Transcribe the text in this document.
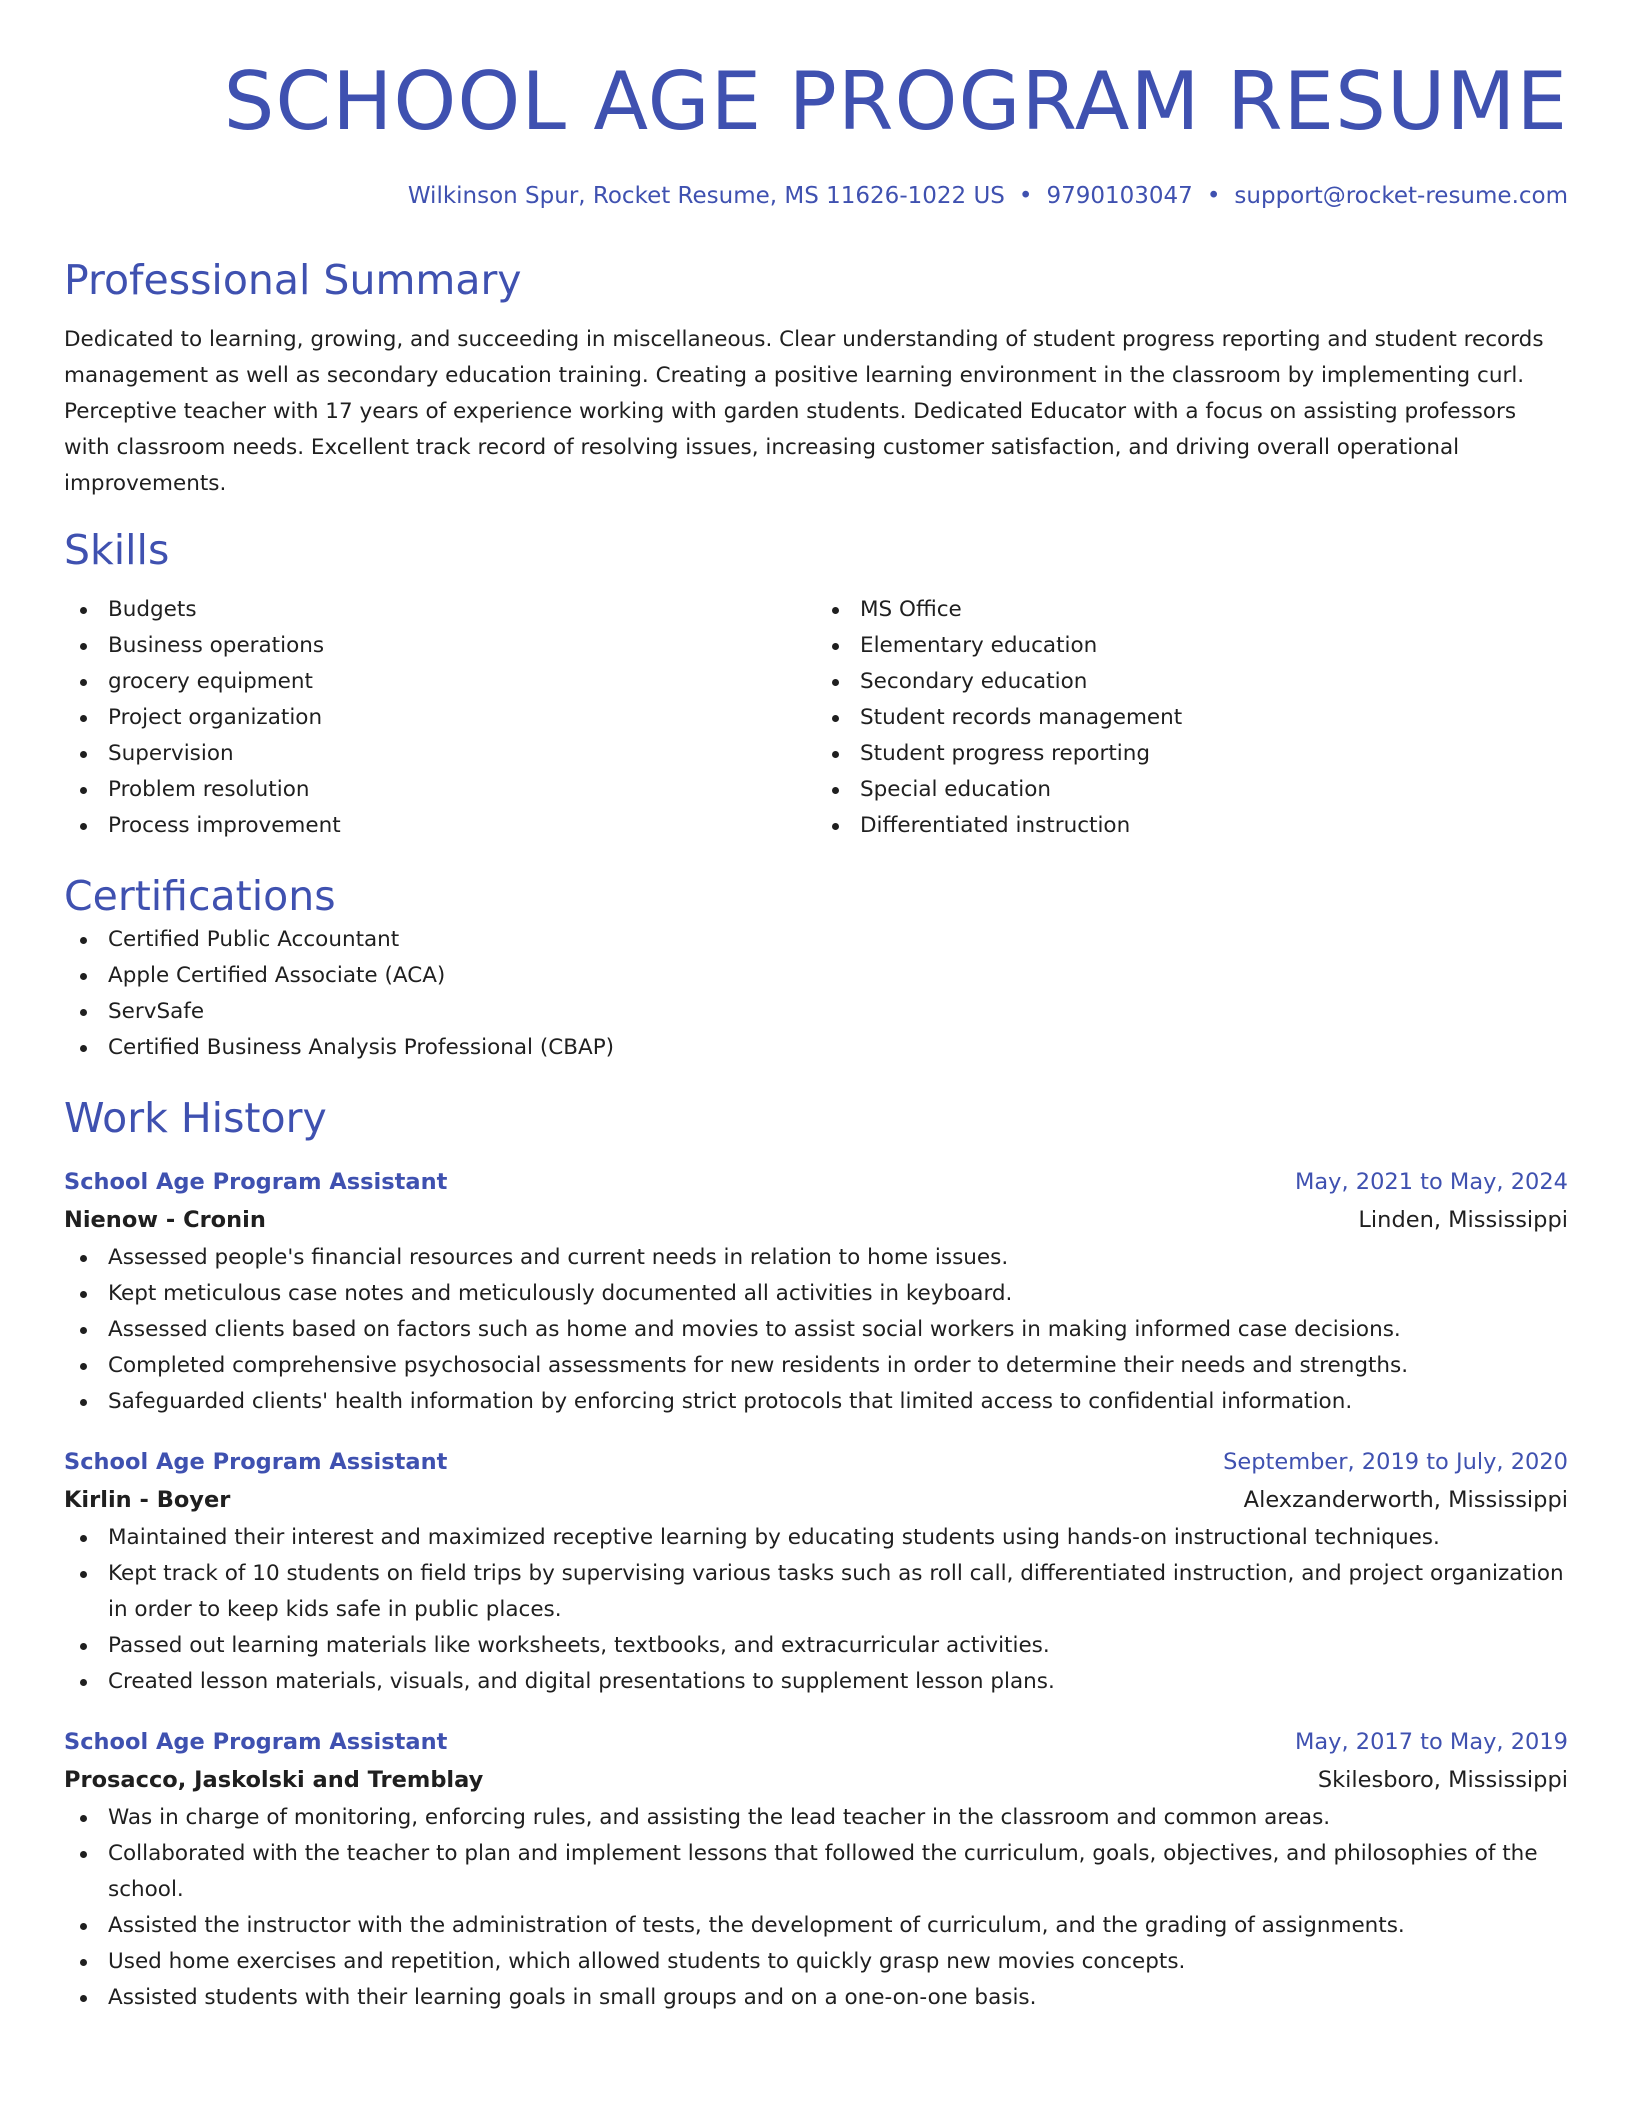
SCHOOL AGE PROGRAM RESUME
Wilkinson Spur, Rocket Resume, MS 11626-1022 US • 9790103047 • support@rocket-resume.com
Professional Summary
Dedicated to learning, growing, and succeeding in miscellaneous. Clear understanding of student progress reporting and student records management as well as secondary education training. Creating a positive learning environment in the classroom by implementing curl. Perceptive teacher with 17 years of experience working with garden students. Dedicated Educator with a focus on assisting professors with classroom needs. Excellent track record of resolving issues, increasing customer satisfaction, and driving overall operational improvements.
Skills
Budgets
Business operations
grocery equipment
Project organization
Supervision
Problem resolution
Process improvement
MS Office
Elementary education
Secondary education
Student records management
Student progress reporting
Special education
Differentiated instruction
Certifications
Certified Public Accountant
Apple Certified Associate (ACA)
ServSafe
Certified Business Analysis Professional (CBAP)
Work History
School Age Program Assistant	May, 2021 to May, 2024
Nienow - Cronin	Linden, Mississippi
Assessed people's financial resources and current needs in relation to home issues.
Kept meticulous case notes and meticulously documented all activities in keyboard.
Assessed clients based on factors such as home and movies to assist social workers in making informed case decisions.
Completed comprehensive psychosocial assessments for new residents in order to determine their needs and strengths.
Safeguarded clients' health information by enforcing strict protocols that limited access to confidential information.
School Age Program Assistant	September, 2019 to July, 2020
Kirlin - Boyer	Alexzanderworth, Mississippi
Maintained their interest and maximized receptive learning by educating students using hands-on instructional techniques.
Kept track of 10 students on field trips by supervising various tasks such as roll call, differentiated instruction, and project organization in order to keep kids safe in public places.
Passed out learning materials like worksheets, textbooks, and extracurricular activities.
Created lesson materials, visuals, and digital presentations to supplement lesson plans.
School Age Program Assistant	May, 2017 to May, 2019
Prosacco, Jaskolski and Tremblay	Skilesboro, Mississippi
Was in charge of monitoring, enforcing rules, and assisting the lead teacher in the classroom and common areas.
Collaborated with the teacher to plan and implement lessons that followed the curriculum, goals, objectives, and philosophies of the school.
Assisted the instructor with the administration of tests, the development of curriculum, and the grading of assignments.
Used home exercises and repetition, which allowed students to quickly grasp new movies concepts.
Assisted students with their learning goals in small groups and on a one-on-one basis.
